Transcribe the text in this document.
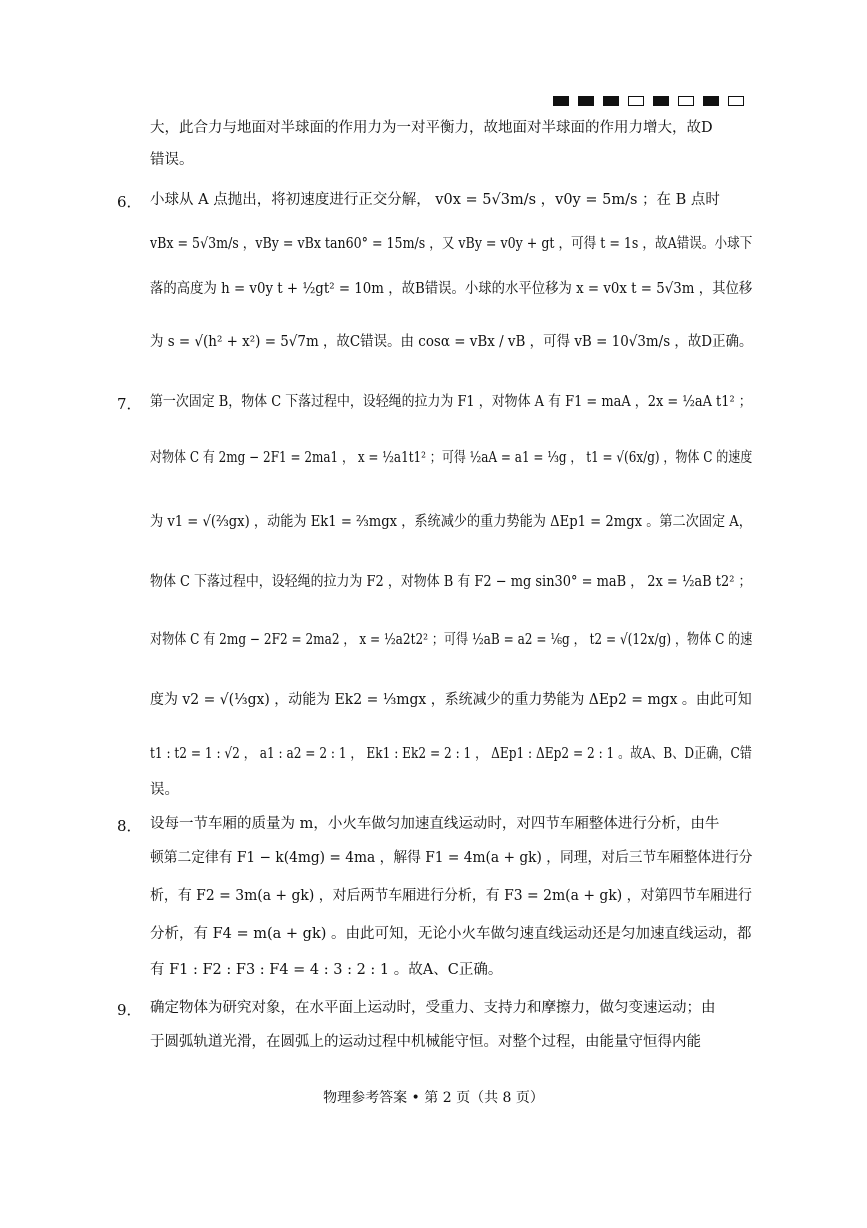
大，此合力与地面对半球面的作用力为一对平衡力，故地面对半球面的作用力增大，故D
错误。
6． 小球从 A 点抛出，将初速度进行正交分解， v0x = 5√3m/s ，v0y = 5m/s ；在 B 点时
vBx = 5√3m/s ，vBy = vBx tan60° = 15m/s ，又 vBy = v0y + gt ，可得 t = 1s ，故A错误。小球下
落的高度为 h = v0y t + ½gt² = 10m ，故B错误。小球的水平位移为 x = v0x t = 5√3m ，其位移
为 s = √(h² + x²) = 5√7m ，故C错误。由 cosα = vBx / vB ，可得 vB = 10√3m/s ，故D正确。
7． 第一次固定 B，物体 C 下落过程中，设轻绳的拉力为 F1 ，对物体 A 有 F1 = maA ，2x = ½aA t1² ；
对物体 C 有 2mg − 2F1 = 2ma1 ， x = ½a1t1² ；可得 ½aA = a1 = ⅓g ， t1 = √(6x/g) ，物体 C 的速度
为 v1 = √(⅔gx) ，动能为 Ek1 = ⅔mgx ，系统减少的重力势能为 ΔEp1 = 2mgx 。第二次固定 A，
物体 C 下落过程中，设轻绳的拉力为 F2 ，对物体 B 有 F2 − mg sin30° = maB ， 2x = ½aB t2² ；
对物体 C 有 2mg − 2F2 = 2ma2 ， x = ½a2t2² ；可得 ½aB = a2 = ⅙g ， t2 = √(12x/g) ，物体 C 的速
度为 v2 = √(⅓gx) ，动能为 Ek2 = ⅓mgx ，系统减少的重力势能为 ΔEp2 = mgx 。由此可知
t1 : t2 = 1 : √2 ， a1 : a2 = 2 : 1 ， Ek1 : Ek2 = 2 : 1 ， ΔEp1 : ΔEp2 = 2 : 1 。故A、B、D正确，C错
误。
8． 设每一节车厢的质量为 m，小火车做匀加速直线运动时，对四节车厢整体进行分析，由牛
顿第二定律有 F1 − k(4mg) = 4ma ，解得 F1 = 4m(a + gk) ，同理，对后三节车厢整体进行分
析，有 F2 = 3m(a + gk) ，对后两节车厢进行分析，有 F3 = 2m(a + gk) ，对第四节车厢进行
分析，有 F4 = m(a + gk) 。由此可知，无论小火车做匀速直线运动还是匀加速直线运动，都
有 F1 : F2 : F3 : F4 = 4 : 3 : 2 : 1 。故A、C正确。
9． 确定物体为研究对象，在水平面上运动时，受重力、支持力和摩擦力，做匀变速运动；由
于圆弧轨道光滑，在圆弧上的运动过程中机械能守恒。对整个过程，由能量守恒得内能
物理参考答案 • 第 2 页（共 8 页）
